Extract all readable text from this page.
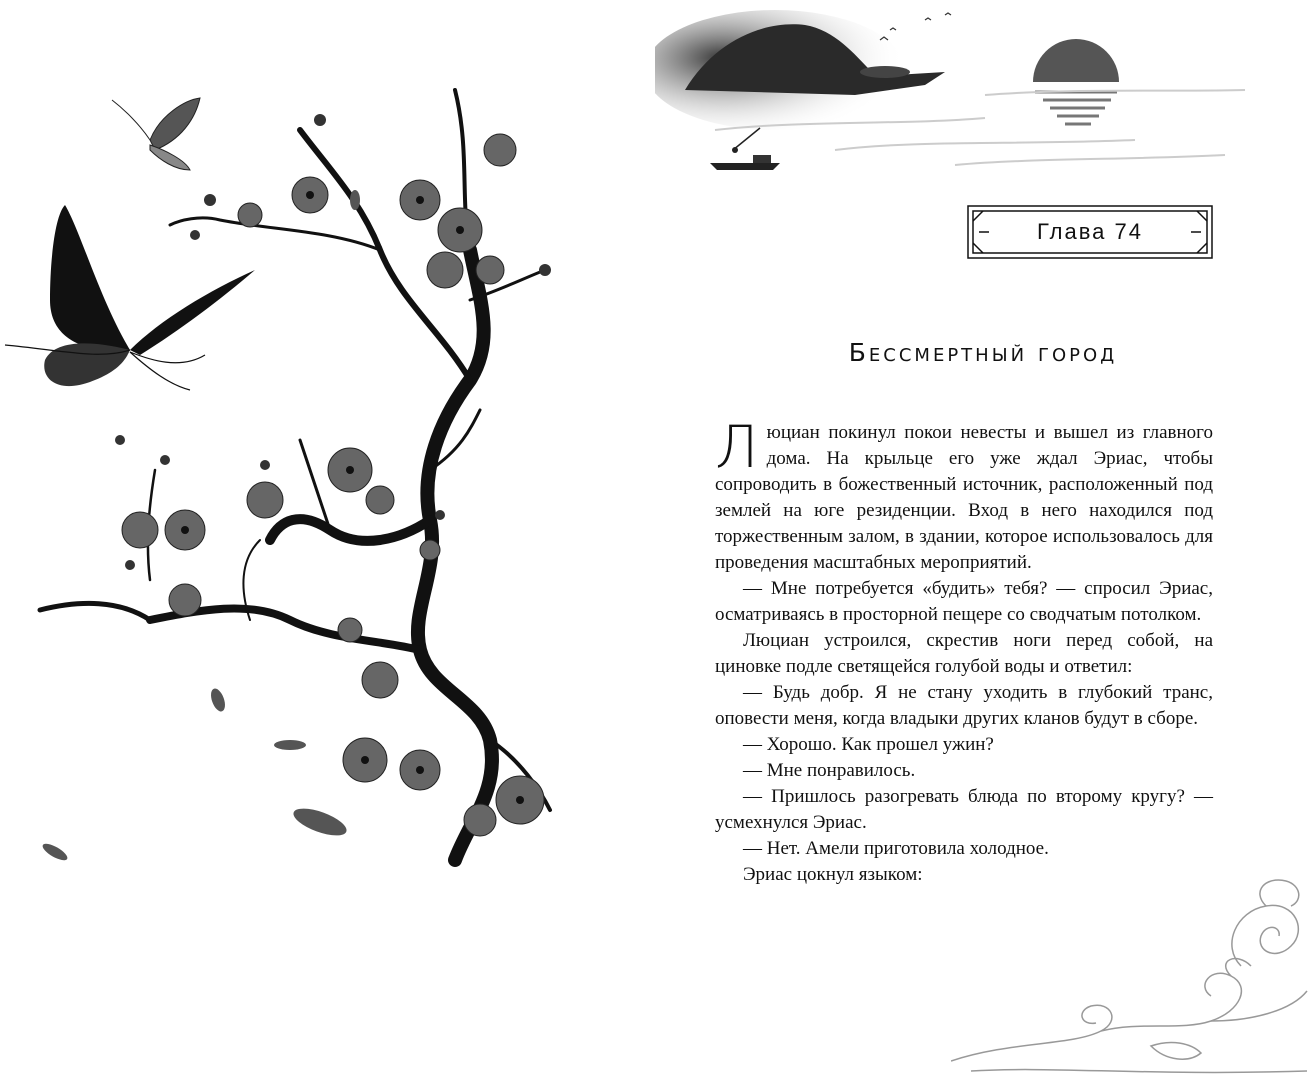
Глава 74
Бессмертный город

Люциан покинул покои невесты и вышел из главного дома. На крыльце его уже ждал Эриас, чтобы сопроводить в божественный источник, расположенный под землей на юге резиденции. Вход в него находился под торжественным залом, в здании, которое использовалось для проведения масштабных мероприятий.

— Мне потребуется «будить» тебя? — спросил Эриас, осматриваясь в просторной пещере со сводчатым потолком.

Люциан устроился, скрестив ноги перед собой, на циновке подле светящейся голубой воды и ответил:

— Будь добр. Я не стану уходить в глубокий транс, оповести меня, когда владыки других кланов будут в сборе.

— Хорошо. Как прошел ужин?

— Мне понравилось.

— Пришлось разогревать блюда по второму кругу? — усмехнулся Эриас.

— Нет. Амели приготовила холодное.

Эриас цокнул языком:
